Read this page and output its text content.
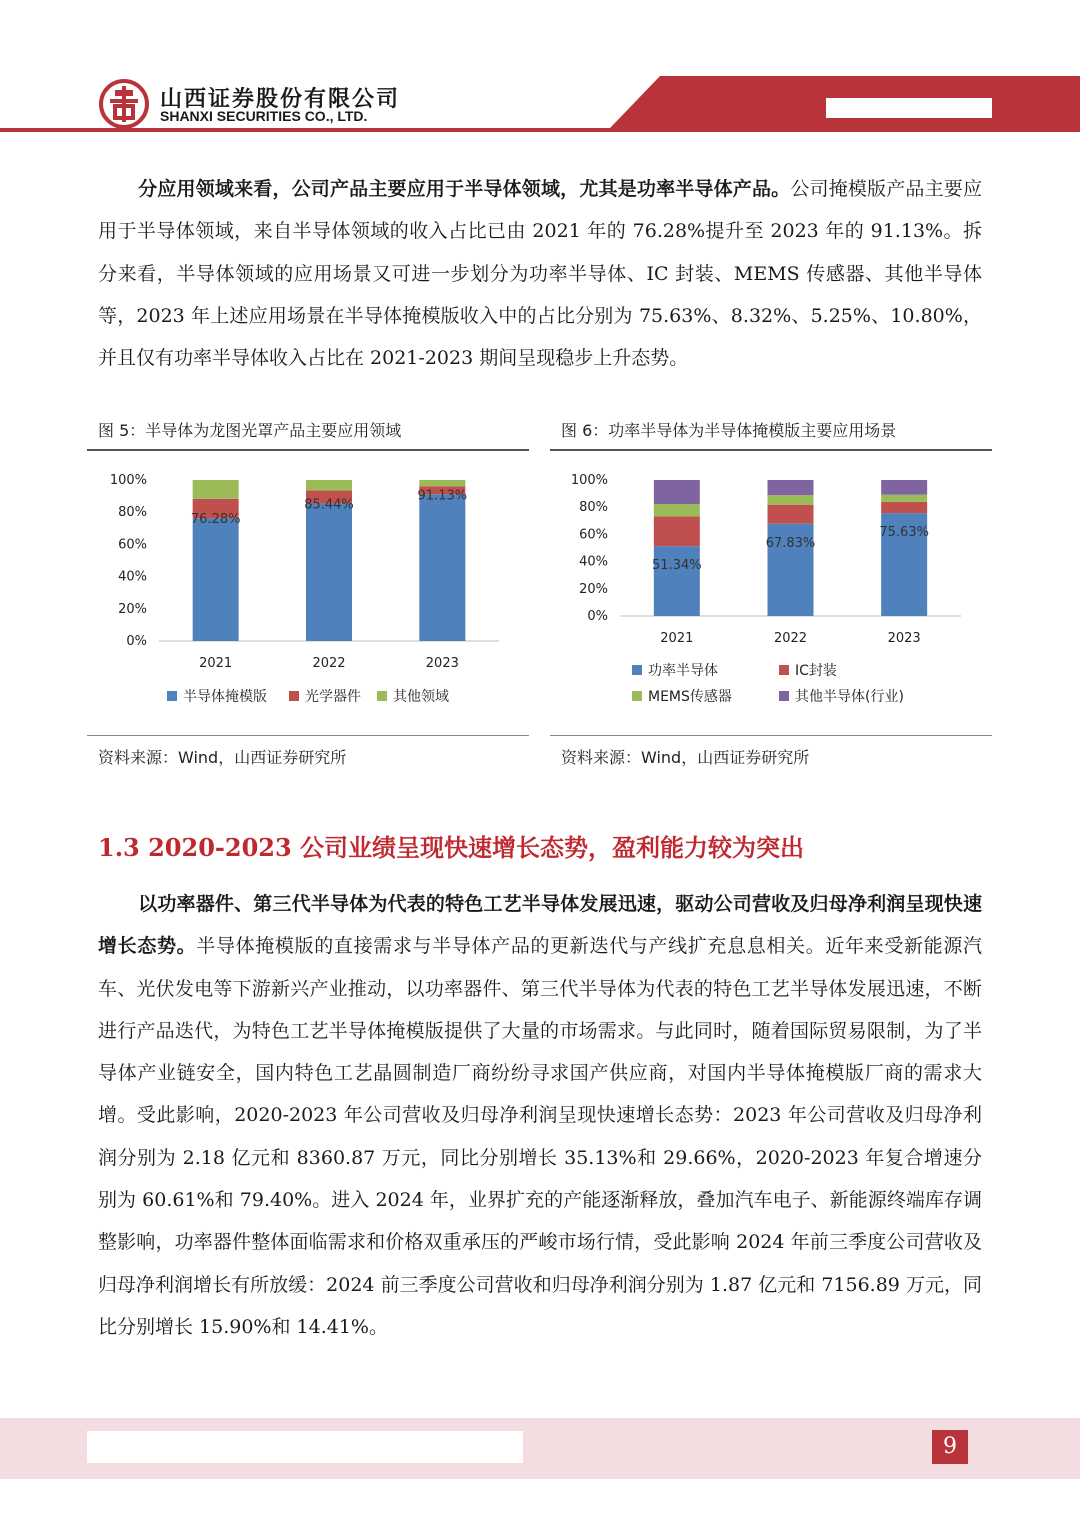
山西证券股份有限公司
SHANXI SECURITIES CO., LTD.

分应用领域来看，公司产品主要应用于半导体领域，尤其是功率半导体产品。公司掩模版产品主要应用于半导体领域，来自半导体领域的收入占比已由 2021 年的 76.28%提升至 2023 年的 91.13%。拆分来看，半导体领域的应用场景又可进一步划分为功率半导体、IC 封装、MEMS 传感器、其他半导体等，2023 年上述应用场景在半导体掩模版收入中的占比分别为 75.63%、8.32%、5.25%、10.80%，并且仅有功率半导体收入占比在 2021-2023 期间呈现稳步上升态势。

图 5：半导体为龙图光罩产品主要应用领域
76.28%
85.44%
91.13%
0%
20%
40%
60%
80%
100%
2021	2022	2023
半导体掩模版	光学器件 其他领域
资料来源：Wind，山西证券研究所
图 6：功率半导体为半导体掩模版主要应用场景
51.34%
67.83%
75.63%
0%
20%
40%
60%
80%
100%
2021	2022	2023
功率半导体	IC封装
MEMS传感器	其他半导体(行业)
资料来源：Wind，山西证券研究所
1.3 2020-2023 公司业绩呈现快速增长态势，盈利能力较为突出

以功率器件、第三代半导体为代表的特色工艺半导体发展迅速，驱动公司营收及归母净利润呈现快速增长态势。半导体掩模版的直接需求与半导体产品的更新迭代与产线扩充息息相关。近年来受新能源汽车、光伏发电等下游新兴产业推动，以功率器件、第三代半导体为代表的特色工艺半导体发展迅速，不断进行产品迭代，为特色工艺半导体掩模版提供了大量的市场需求。与此同时，随着国际贸易限制，为了半导体产业链安全，国内特色工艺晶圆制造厂商纷纷寻求国产供应商，对国内半导体掩模版厂商的需求大增。受此影响，2020-2023 年公司营收及归母净利润呈现快速增长态势：2023 年公司营收及归母净利润分别为 2.18 亿元和 8360.87 万元，同比分别增长 35.13%和 29.66%，2020-2023 年复合增速分别为 60.61%和 79.40%。进入 2024 年，业界扩充的产能逐渐释放，叠加汽车电子、新能源终端库存调整影响，功率器件整体面临需求和价格双重承压的严峻市场行情，受此影响 2024 年前三季度公司营收及归母净利润增长有所放缓：2024 前三季度公司营收和归母净利润分别为 1.87 亿元和 7156.89 万元，同比分别增长 15.90%和 14.41%。

9
